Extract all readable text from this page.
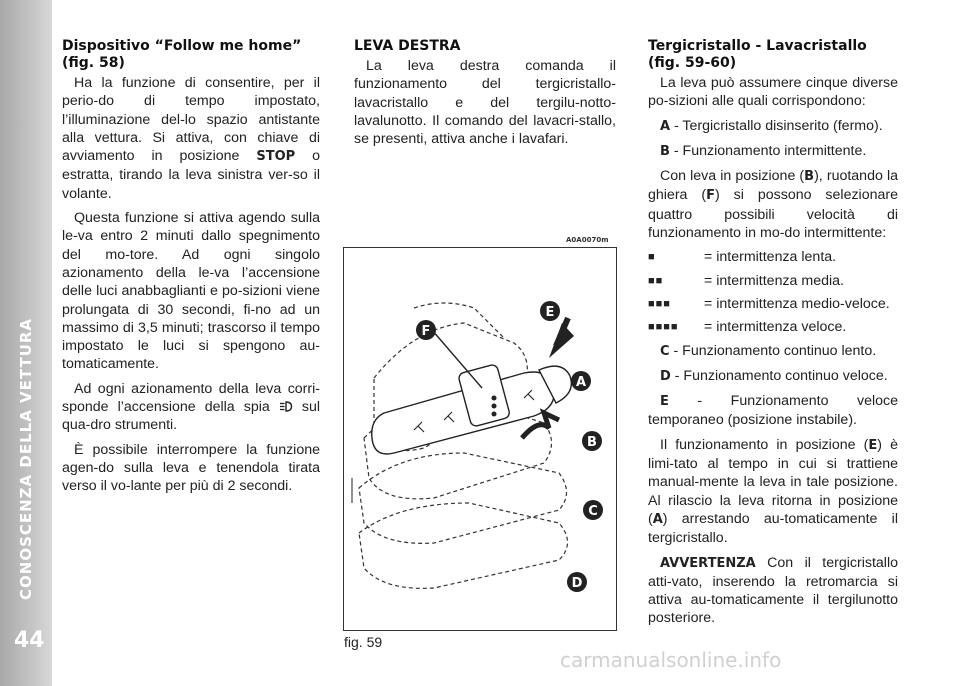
CONOSCENZA DELLA VETTURA
44
Dispositivo “Follow me home”
(fig. 58)

Ha la funzione di consentire, per il perio-do di tempo impostato, l’illuminazione del-lo spazio antistante alla vettura. Si attiva, con chiave di avviamento in posizione STOP o estratta, tirando la leva sinistra ver-so il volante.

Questa funzione si attiva agendo sulla le-va entro 2 minuti dallo spegnimento del mo-tore. Ad ogni singolo azionamento della le-va l’accensione delle luci anabbaglianti e po-sizioni viene prolungata di 30 secondi, fi-no ad un massimo di 3,5 minuti; trascorso il tempo impostato le luci si spengono au-tomaticamente.

Ad ogni azionamento della leva corri-sponde l’accensione della spia sul qua-dro strumenti.

È possibile interrompere la funzione agen-do sulla leva e tenendola tirata verso il vo-lante per più di 2 secondi.

LEVA DESTRA

La leva destra comanda il funzionamento del tergicristallo-lavacristallo e del tergilu-notto-lavalunotto. Il comando del lavacri-stallo, se presenti, attiva anche i lavafari.

A0A0070m
E
F
A
B
C
D
fig. 59
Tergicristallo - Lavacristallo
(fig. 59-60)

La leva può assumere cinque diverse po-sizioni alle quali corrispondono:

A - Tergicristallo disinserito (fermo).

B - Funzionamento intermittente.

Con leva in posizione (B), ruotando la ghiera (F) si possono selezionare quattro possibili velocità di funzionamento in mo-do intermittente:

■	= intermittenza lenta.
■■	= intermittenza media.
■■■	= intermittenza medio-veloce.
■■■■	= intermittenza veloce.

C - Funzionamento continuo lento.

D - Funzionamento continuo veloce.

E - Funzionamento veloce temporaneo (posizione instabile).

Il funzionamento in posizione (E) è limi-tato al tempo in cui si trattiene manual-mente la leva in tale posizione. Al rilascio la leva ritorna in posizione (A) arrestando au-tomaticamente il tergicristallo.

AVVERTENZA Con il tergicristallo atti-vato, inserendo la retromarcia si attiva au-tomaticamente il tergilunotto posteriore.

carmanualsonline.info
